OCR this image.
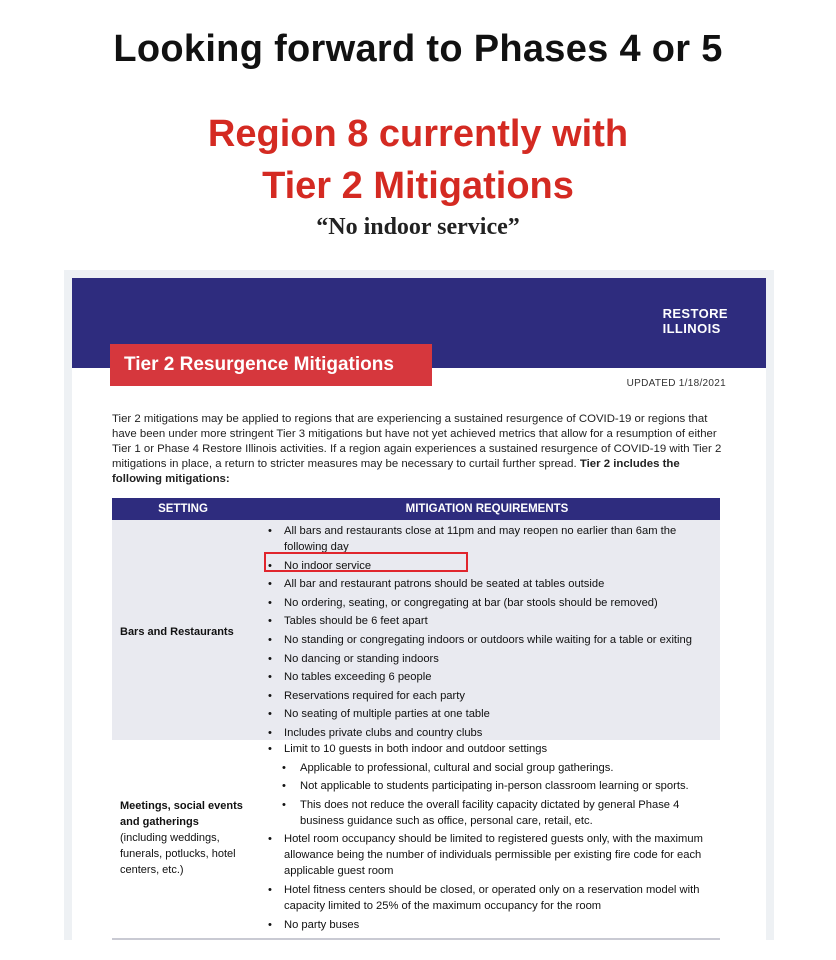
Looking forward to Phases 4 or 5
Region 8 currently with
Tier 2 Mitigations
“No indoor service”
RESTORE
ILLINOIS
Tier 2 Resurgence Mitigations
UPDATED 1/18/2021
Tier 2 mitigations may be applied to regions that are experiencing a sustained resurgence of COVID-19 or regions that have been under more stringent Tier 3 mitigations but have not yet achieved metrics that allow for a resumption of either Tier 1 or Phase 4 Restore Illinois activities. If a region again experiences a sustained resurgence of COVID-19 with Tier 2 mitigations in place, a return to stricter measures may be necessary to curtail further spread. Tier 2 includes the following mitigations:
SETTING	MITIGATION REQUIREMENTS
Bars and Restaurants
• All bars and restaurants close at 11pm and may reopen no earlier than 6am the following day
• No indoor service
• All bar and restaurant patrons should be seated at tables outside
• No ordering, seating, or congregating at bar (bar stools should be removed)
• Tables should be 6 feet apart
• No standing or congregating indoors or outdoors while waiting for a table or exiting
• No dancing or standing indoors
• No tables exceeding 6 people
• Reservations required for each party
• No seating of multiple parties at one table
• Includes private clubs and country clubs
Meetings, social events and gatherings
(including weddings, funerals, potlucks, hotel centers, etc.)
• Limit to 10 guests in both indoor and outdoor settings
• Applicable to professional, cultural and social group gatherings.
• Not applicable to students participating in-person classroom learning or sports.
• This does not reduce the overall facility capacity dictated by general Phase 4 business guidance such as office, personal care, retail, etc.
• Hotel room occupancy should be limited to registered guests only, with the maximum allowance being the number of individuals permissible per existing fire code for each applicable guest room
• Hotel fitness centers should be closed, or operated only on a reservation model with capacity limited to 25% of the maximum occupancy for the room
• No party buses
